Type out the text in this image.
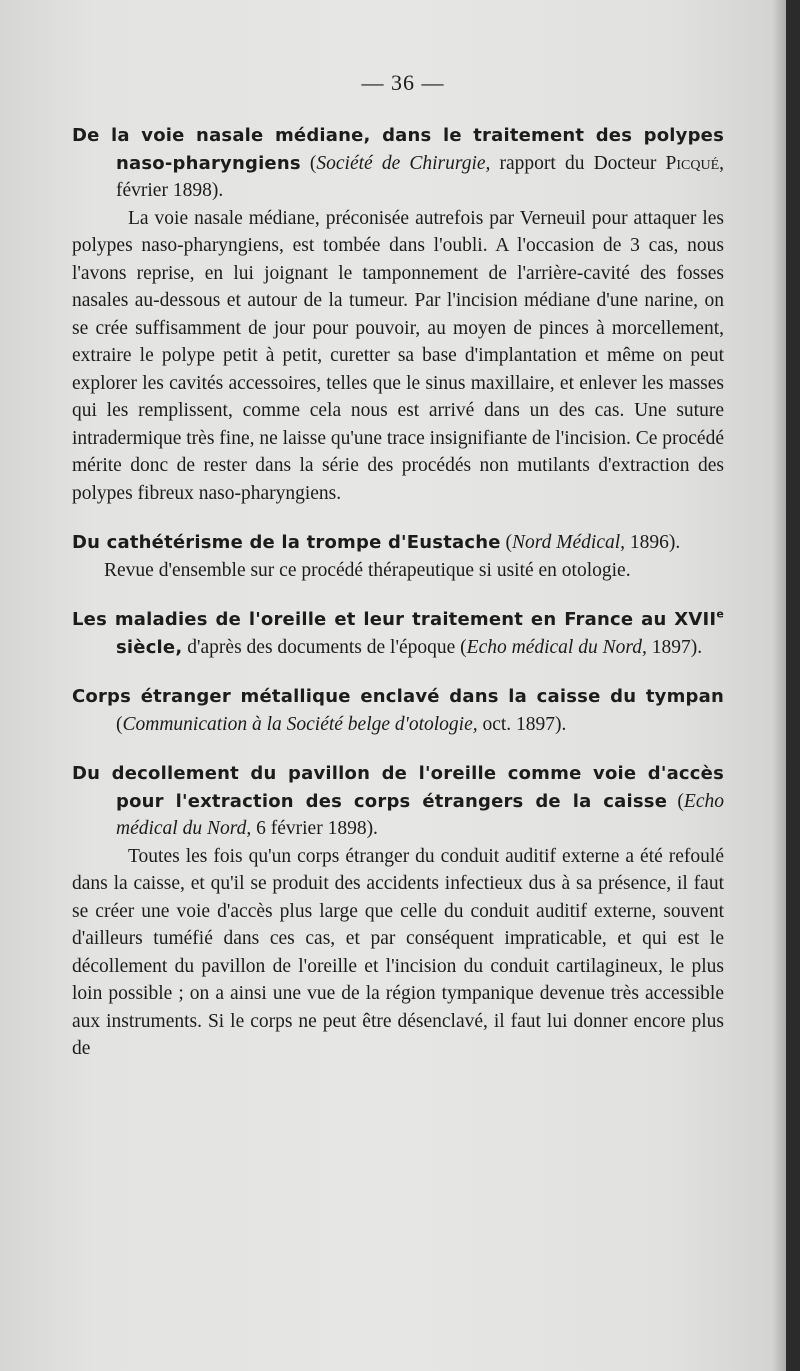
— 36 —

De la voie nasale médiane, dans le traitement des polypes naso-pharyngiens (Société de Chirurgie, rapport du Docteur Picqué, février 1898).

La voie nasale médiane, préconisée autrefois par Verneuil pour attaquer les polypes naso-pharyngiens, est tombée dans l'oubli. A l'occasion de 3 cas, nous l'avons reprise, en lui joignant le tamponnement de l'arrière-cavité des fosses nasales au-dessous et autour de la tumeur. Par l'incision médiane d'une narine, on se crée suffisamment de jour pour pouvoir, au moyen de pinces à morcellement, extraire le polype petit à petit, curetter sa base d'implantation et même on peut explorer les cavités accessoires, telles que le sinus maxillaire, et enlever les masses qui les remplissent, comme cela nous est arrivé dans un des cas. Une suture intradermique très fine, ne laisse qu'une trace insignifiante de l'incision. Ce procédé mérite donc de rester dans la série des procédés non mutilants d'extraction des polypes fibreux naso-pharyngiens.

Du cathétérisme de la trompe d'Eustache (Nord Médical, 1896).

Revue d'ensemble sur ce procédé thérapeutique si usité en otologie.

Les maladies de l'oreille et leur traitement en France au XVIIe siècle, d'après des documents de l'époque (Echo médical du Nord, 1897).

Corps étranger métallique enclavé dans la caisse du tympan (Communication à la Société belge d'otologie, oct. 1897).

Du decollement du pavillon de l'oreille comme voie d'accès pour l'extraction des corps étrangers de la caisse (Echo médical du Nord, 6 février 1898).

Toutes les fois qu'un corps étranger du conduit auditif externe a été refoulé dans la caisse, et qu'il se produit des accidents infectieux dus à sa présence, il faut se créer une voie d'accès plus large que celle du conduit auditif externe, souvent d'ailleurs tuméfié dans ces cas, et par conséquent impraticable, et qui est le décollement du pavillon de l'oreille et l'incision du conduit cartilagineux, le plus loin possible ; on a ainsi une vue de la région tympanique devenue très accessible aux instruments. Si le corps ne peut être désenclavé, il faut lui donner encore plus de
